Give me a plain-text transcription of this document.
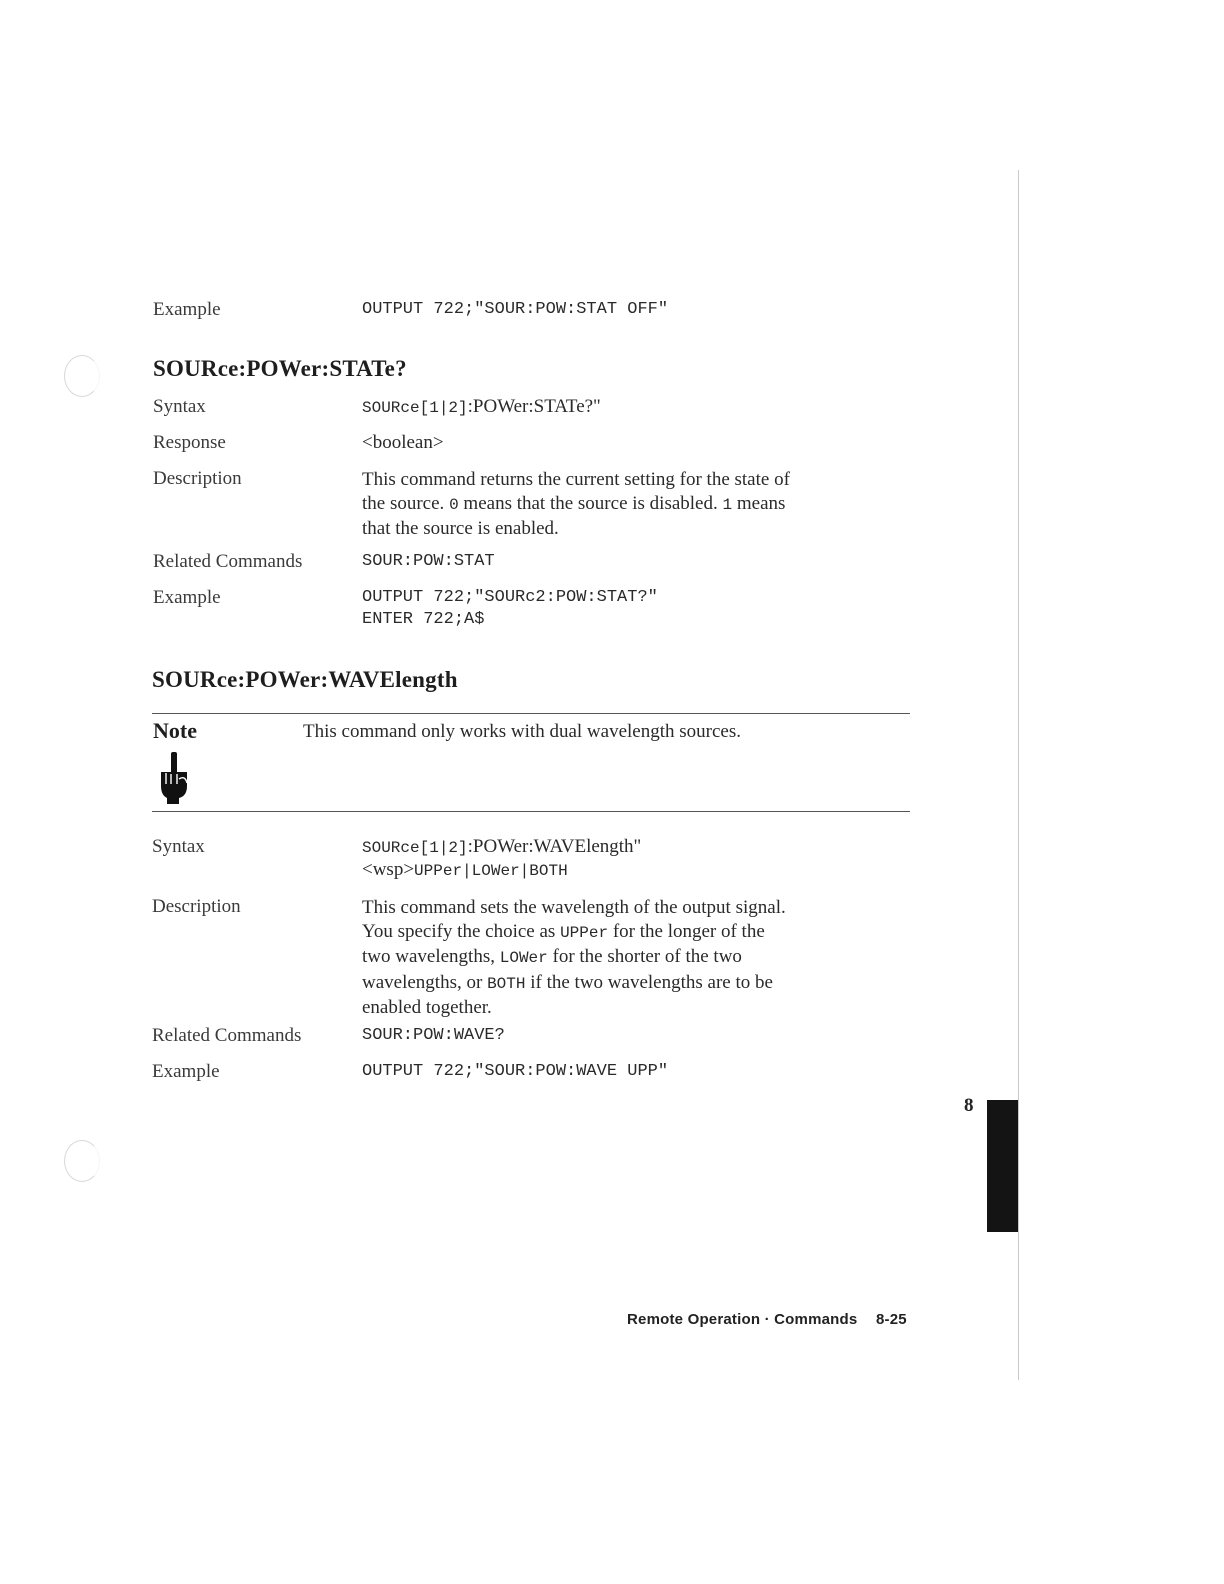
Example	OUTPUT 722;"SOUR:POW:STAT OFF"
SOURce:POWer:STATe?
Syntax	SOURce[1|2]:POWer:STATe?"
Response	<boolean>
Description	This command returns the current setting for the state of
the source. 0 means that the source is disabled. 1 means
that the source is enabled.
Related Commands	SOUR:POW:STAT
Example	OUTPUT 722;"SOURc2:POW:STAT?"
ENTER 722;A$
SOURce:POWer:WAVElength
Note	This command only works with dual wavelength sources.
Syntax	SOURce[1|2]:POWer:WAVElength"
<wsp>UPPer|LOWer|BOTH
Description	This command sets the wavelength of the output signal.
You specify the choice as UPPer for the longer of the
two wavelengths, LOWer for the shorter of the two
wavelengths, or BOTH if the two wavelengths are to be
enabled together.
Related Commands	SOUR:POW:WAVE?
Example	OUTPUT 722;"SOUR:POW:WAVE UPP"
8
Remote Operation · Commands 8-25
